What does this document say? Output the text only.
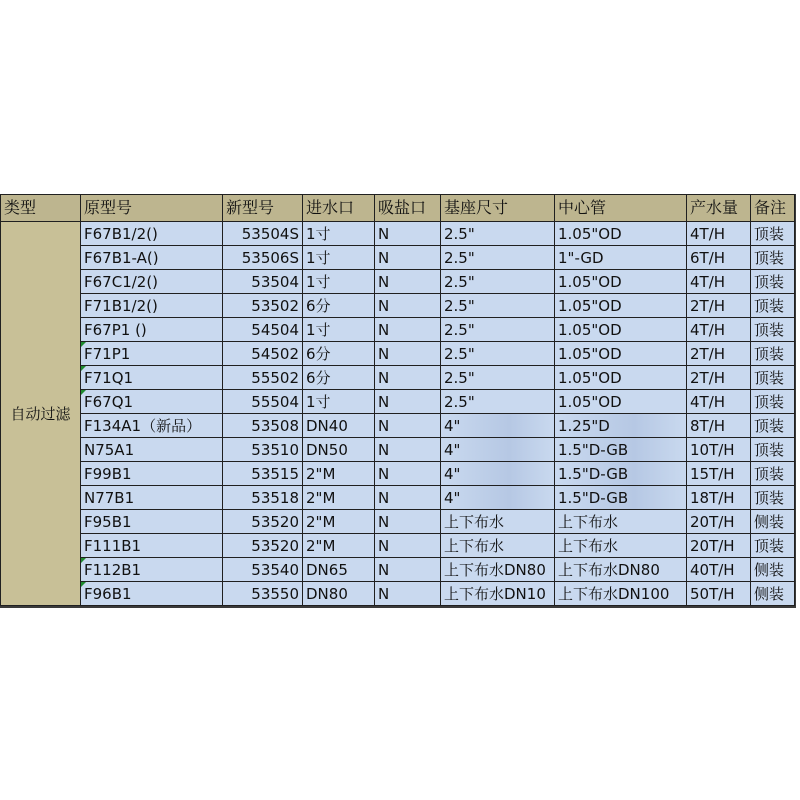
类型	原型号	新型号	进水口	吸盐口	基座尺寸	中心管	产水量	备注
自动过滤	F67B1/2()	53504S	1寸	N	2.5"	1.05"OD	4T/H	顶装
	F67B1-A()	53506S	1寸	N	2.5"	1"-GD	6T/H	顶装
	F67C1/2()	53504	1寸	N	2.5"	1.05"OD	4T/H	顶装
	F71B1/2()	53502	6分	N	2.5"	1.05"OD	2T/H	顶装
	F67P1 ()	54504	1寸	N	2.5"	1.05"OD	4T/H	顶装
	F71P1	54502	6分	N	2.5"	1.05"OD	2T/H	顶装
	F71Q1	55502	6分	N	2.5"	1.05"OD	2T/H	顶装
	F67Q1	55504	1寸	N	2.5"	1.05"OD	4T/H	顶装
	F134A1（新品）	53508	DN40	N	4"	1.25"D	8T/H	顶装
	N75A1	53510	DN50	N	4"	1.5"D-GB	10T/H	顶装
	F99B1	53515	2"M	N	4"	1.5"D-GB	15T/H	顶装
	N77B1	53518	2"M	N	4"	1.5"D-GB	18T/H	顶装
	F95B1	53520	2"M	N	上下布水	上下布水	20T/H	侧装
	F111B1	53520	2"M	N	上下布水	上下布水	20T/H	顶装
	F112B1	53540	DN65	N	上下布水DN80	上下布水DN80	40T/H	侧装
	F96B1	53550	DN80	N	上下布水DN10	上下布水DN100	50T/H	侧装
